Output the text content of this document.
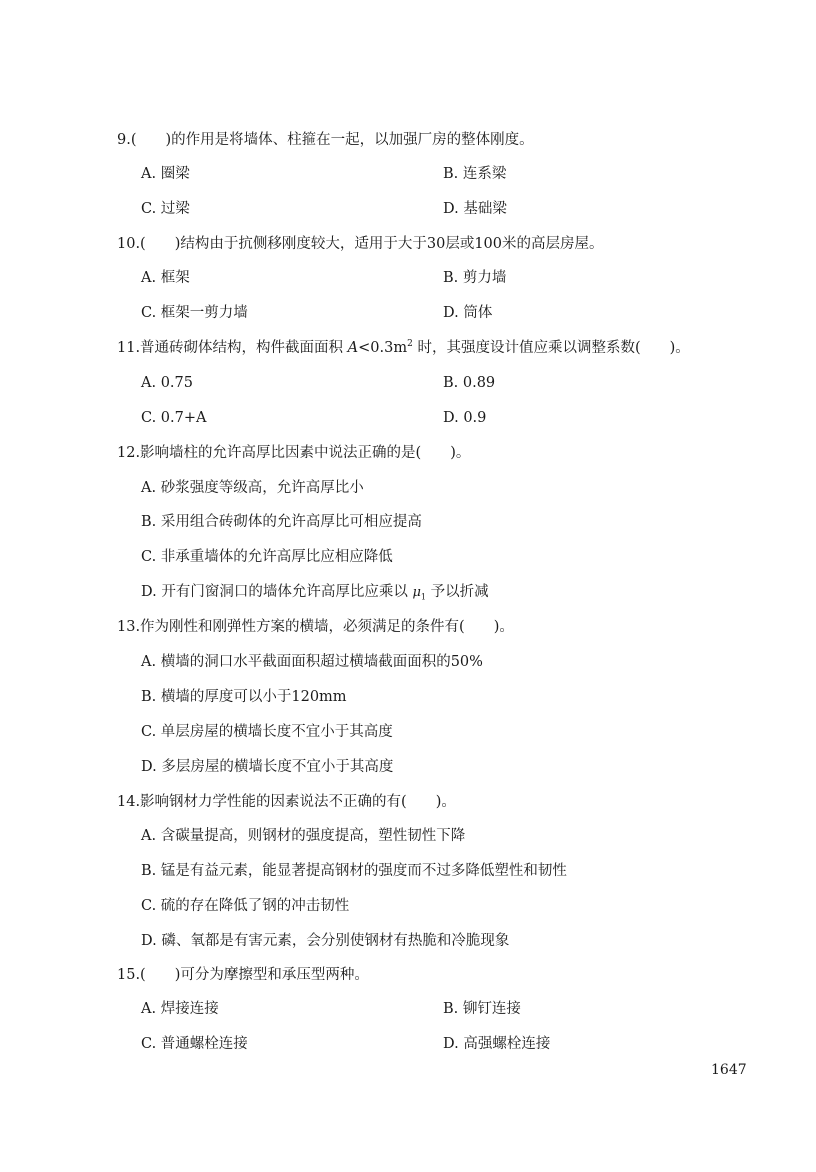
9.(　　)的作用是将墙体、柱箍在一起，以加强厂房的整体刚度。
A. 圈梁	B. 连系梁
C. 过梁	D. 基础梁
10.(　　)结构由于抗侧移刚度较大，适用于大于30层或100米的高层房屋。
A. 框架	B. 剪力墙
C. 框架一剪力墙	D. 筒体
11.普通砖砌体结构，构件截面面积 $A<0.3m^2$ 时，其强度设计值应乘以调整系数(　　)。
A. 0.75	B. 0.89
C. 0.7+A	D. 0.9
12.影响墙柱的允许高厚比因素中说法正确的是(　　)。
A. 砂浆强度等级高，允许高厚比小
B. 采用组合砖砌体的允许高厚比可相应提高
C. 非承重墙体的允许高厚比应相应降低
D. 开有门窗洞口的墙体允许高厚比应乘以 $\mu_1$ 予以折减
13.作为刚性和刚弹性方案的横墙，必须满足的条件有(　　)。
A. 横墙的洞口水平截面面积超过横墙截面面积的50%
B. 横墙的厚度可以小于120mm
C. 单层房屋的横墙长度不宜小于其高度
D. 多层房屋的横墙长度不宜小于其高度
14.影响钢材力学性能的因素说法不正确的有(　　)。
A. 含碳量提高，则钢材的强度提高，塑性韧性下降
B. 锰是有益元素，能显著提高钢材的强度而不过多降低塑性和韧性
C. 硫的存在降低了钢的冲击韧性
D. 磷、氧都是有害元素，会分别使钢材有热脆和冷脆现象
15.(　　)可分为摩擦型和承压型两种。
A. 焊接连接	B. 铆钉连接
C. 普通螺栓连接	D. 高强螺栓连接
1647
